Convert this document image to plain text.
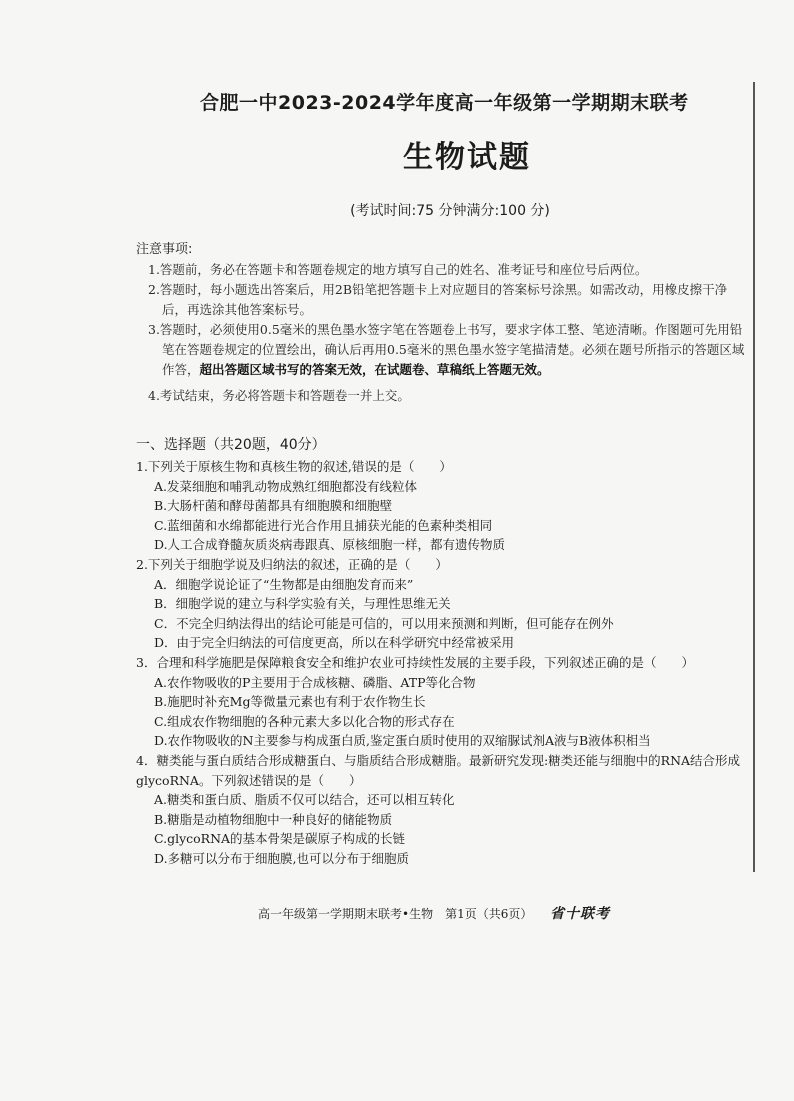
合肥一中2023-2024学年度高一年级第一学期期末联考
生物试题
(考试时间:75 分钟满分:100 分)
注意事项:
1.答题前，务必在答题卡和答题卷规定的地方填写自己的姓名、准考证号和座位号后两位。
2.答题时，每小题选出答案后，用2B铅笔把答题卡上对应题目的答案标号涂黑。如需改动，用橡皮擦干净后，再选涂其他答案标号。
3.答题时，必须使用0.5毫米的黑色墨水签字笔在答题卷上书写，要求字体工整、笔迹清晰。作图题可先用铅笔在答题卷规定的位置绘出，确认后再用0.5毫米的黑色墨水签字笔描清楚。必须在题号所指示的答题区域作答，超出答题区域书写的答案无效，在试题卷、草稿纸上答题无效。
4.考试结束，务必将答题卡和答题卷一并上交。
一、选择题（共20题，40分）
1.下列关于原核生物和真核生物的叙述,错误的是（　　）
A.发菜细胞和哺乳动物成熟红细胞都没有线粒体
B.大肠杆菌和酵母菌都具有细胞膜和细胞壁
C.蓝细菌和水绵都能进行光合作用且捕获光能的色素种类相同
D.人工合成脊髓灰质炎病毒跟真、原核细胞一样，都有遗传物质
2.下列关于细胞学说及归纳法的叙述，正确的是（　　）
A．细胞学说论证了“生物都是由细胞发育而来”
B．细胞学说的建立与科学实验有关，与理性思维无关
C．不完全归纳法得出的结论可能是可信的，可以用来预测和判断，但可能存在例外
D．由于完全归纳法的可信度更高，所以在科学研究中经常被采用
3．合理和科学施肥是保障粮食安全和维护农业可持续性发展的主要手段，下列叙述正确的是（　　）
A.农作物吸收的P主要用于合成核糖、磷脂、ATP等化合物
B.施肥时补充Mg等微量元素也有利于农作物生长
C.组成农作物细胞的各种元素大多以化合物的形式存在
D.农作物吸收的N主要参与构成蛋白质,鉴定蛋白质时使用的双缩脲试剂A液与B液体积相当
4．糖类能与蛋白质结合形成糖蛋白、与脂质结合形成糖脂。最新研究发现:糖类还能与细胞中的RNA结合形成glycoRNA。下列叙述错误的是（　　）
A.糖类和蛋白质、脂质不仅可以结合，还可以相互转化
B.糖脂是动植物细胞中一种良好的储能物质
C.glycoRNA的基本骨架是碳原子构成的长链
D.多糖可以分布于细胞膜,也可以分布于细胞质
高一年级第一学期期末联考•生物　第1页（共6页） 省十联考
